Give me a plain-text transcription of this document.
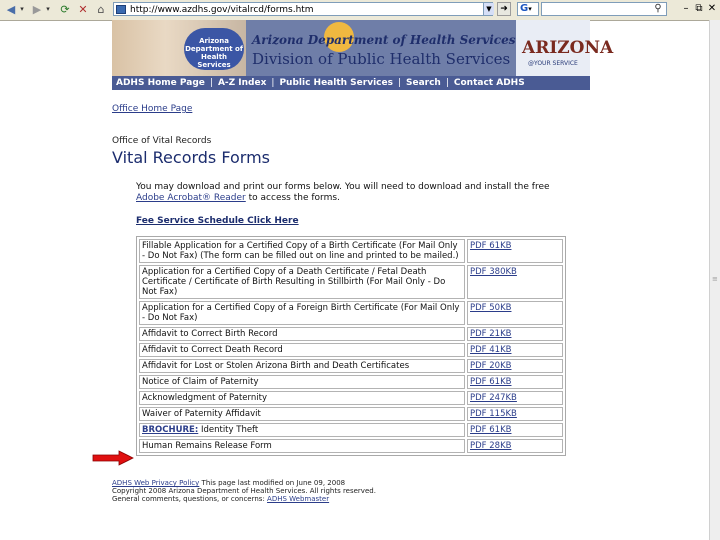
◀ ▾ ▶ ▾ ⟳ ✕ ⌂	http://www.azdhs.gov/vitalrcd/forms.htm	▼ ➜	G▾	⚲	– ⧉ ✕
≡
Arizona Department of Health Services
Arizona Department of Health Services
Division of Public Health Services
ARIZONA
@YOUR SERVICE
ADHS Home Page | A-Z Index | Public Health Services | Search | Contact ADHS
Office Home Page
Office of Vital Records
Vital Records Forms
You may download and print our forms below. You will need to download and install the free Adobe Acrobat® Reader to access the forms.
Fee Service Schedule Click Here
Fillable Application for a Certified Copy of a Birth Certificate (For Mail Only - Do Not Fax) (The form can be filled out on line and printed to be mailed.)	PDF 61KB
Application for a Certified Copy of a Death Certificate / Fetal Death Certificate / Certificate of Birth Resulting in Stillbirth (For Mail Only - Do Not Fax)	PDF 380KB
Application for a Certified Copy of a Foreign Birth Certificate (For Mail Only - Do Not Fax)	PDF 50KB
Affidavit to Correct Birth Record	PDF 21KB
Affidavit to Correct Death Record	PDF 41KB
Affidavit for Lost or Stolen Arizona Birth and Death Certificates	PDF 20KB
Notice of Claim of Paternity	PDF 61KB
Acknowledgment of Paternity	PDF 247KB
Waiver of Paternity Affidavit	PDF 115KB
BROCHURE: Identity Theft	PDF 61KB
Human Remains Release Form	PDF 28KB
ADHS Web Privacy Policy This page last modified on June 09, 2008
Copyright 2008 Arizona Department of Health Services. All rights reserved.
General comments, questions, or concerns: ADHS Webmaster
